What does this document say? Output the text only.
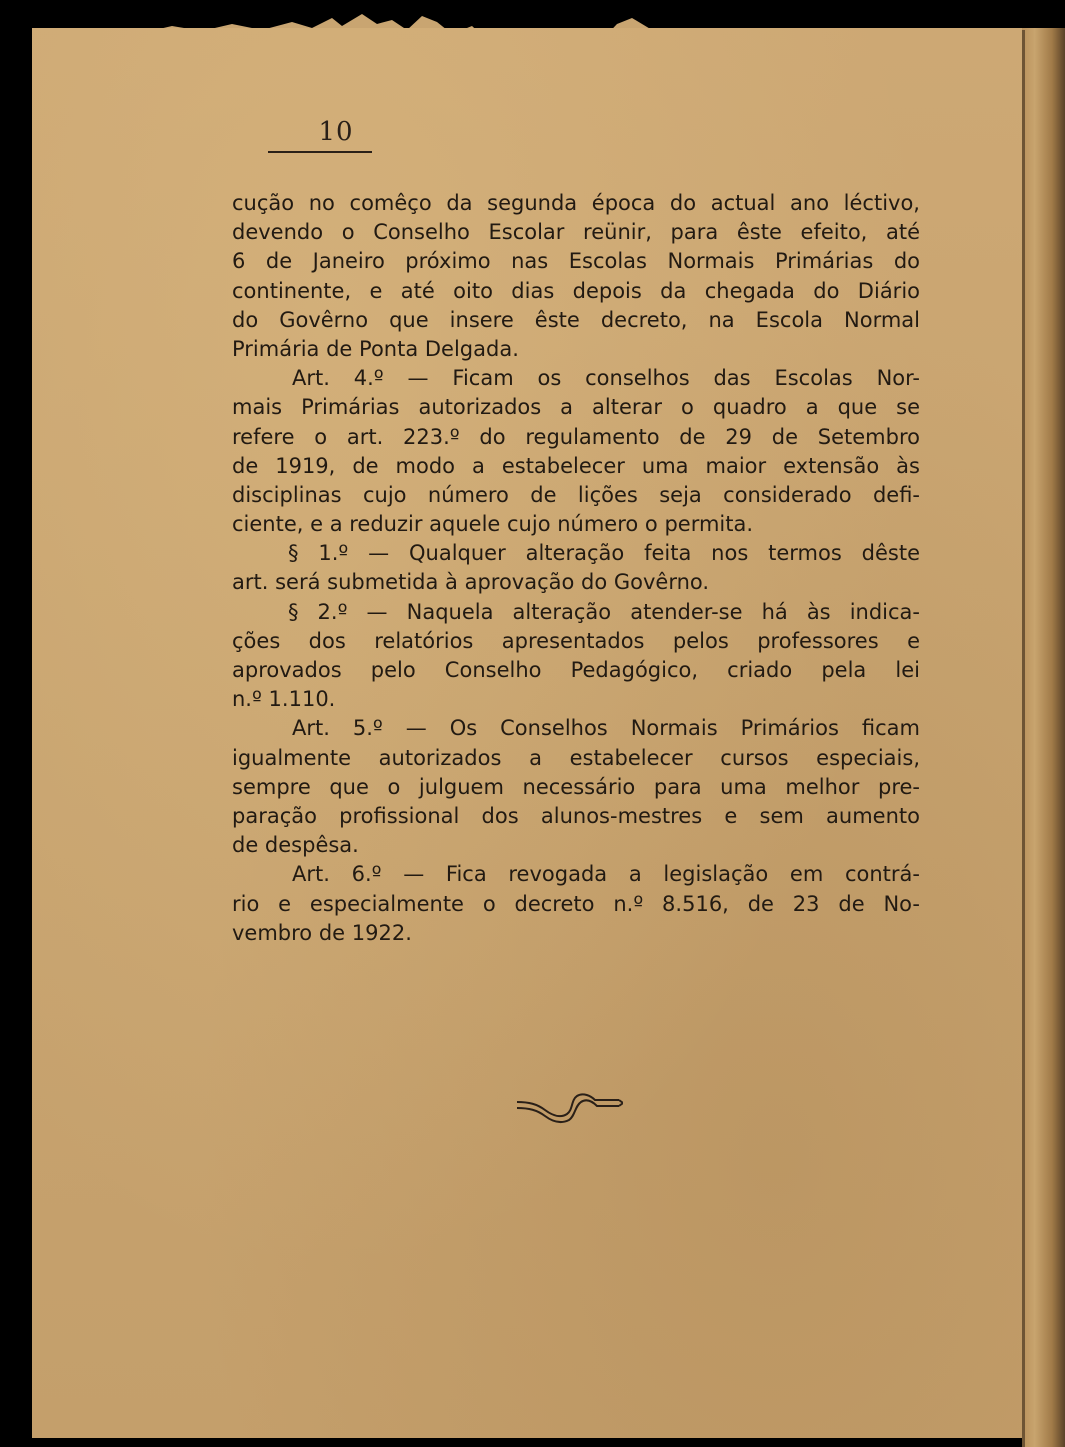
10
cução no comêço da segunda época do actual ano léctivo,
devendo o Conselho Escolar reünir, para êste efeito, até
6 de Janeiro próximo nas Escolas Normais Primárias do
continente, e até oito dias depois da chegada do Diário
do Govêrno que insere êste decreto, na Escola Normal
Primária de Ponta Delgada.
Art. 4.º — Ficam os conselhos das Escolas Nor-
mais Primárias autorizados a alterar o quadro a que se
refere o art. 223.º do regulamento de 29 de Setembro
de 1919, de modo a estabelecer uma maior extensão às
disciplinas cujo número de lições seja considerado defi-
ciente, e a reduzir aquele cujo número o permita.
§ 1.º — Qualquer alteração feita nos termos dêste
art. será submetida à aprovação do Govêrno.
§ 2.º — Naquela alteração atender-se há às indica-
ções dos relatórios apresentados pelos professores e
aprovados pelo Conselho Pedagógico, criado pela lei
n.º 1.110.
Art. 5.º — Os Conselhos Normais Primários ficam
igualmente autorizados a estabelecer cursos especiais,
sempre que o julguem necessário para uma melhor pre-
paração profissional dos alunos-mestres e sem aumento
de despêsa.
Art. 6.º — Fica revogada a legislação em contrá-
rio e especialmente o decreto n.º 8.516, de 23 de No-
vembro de 1922.
